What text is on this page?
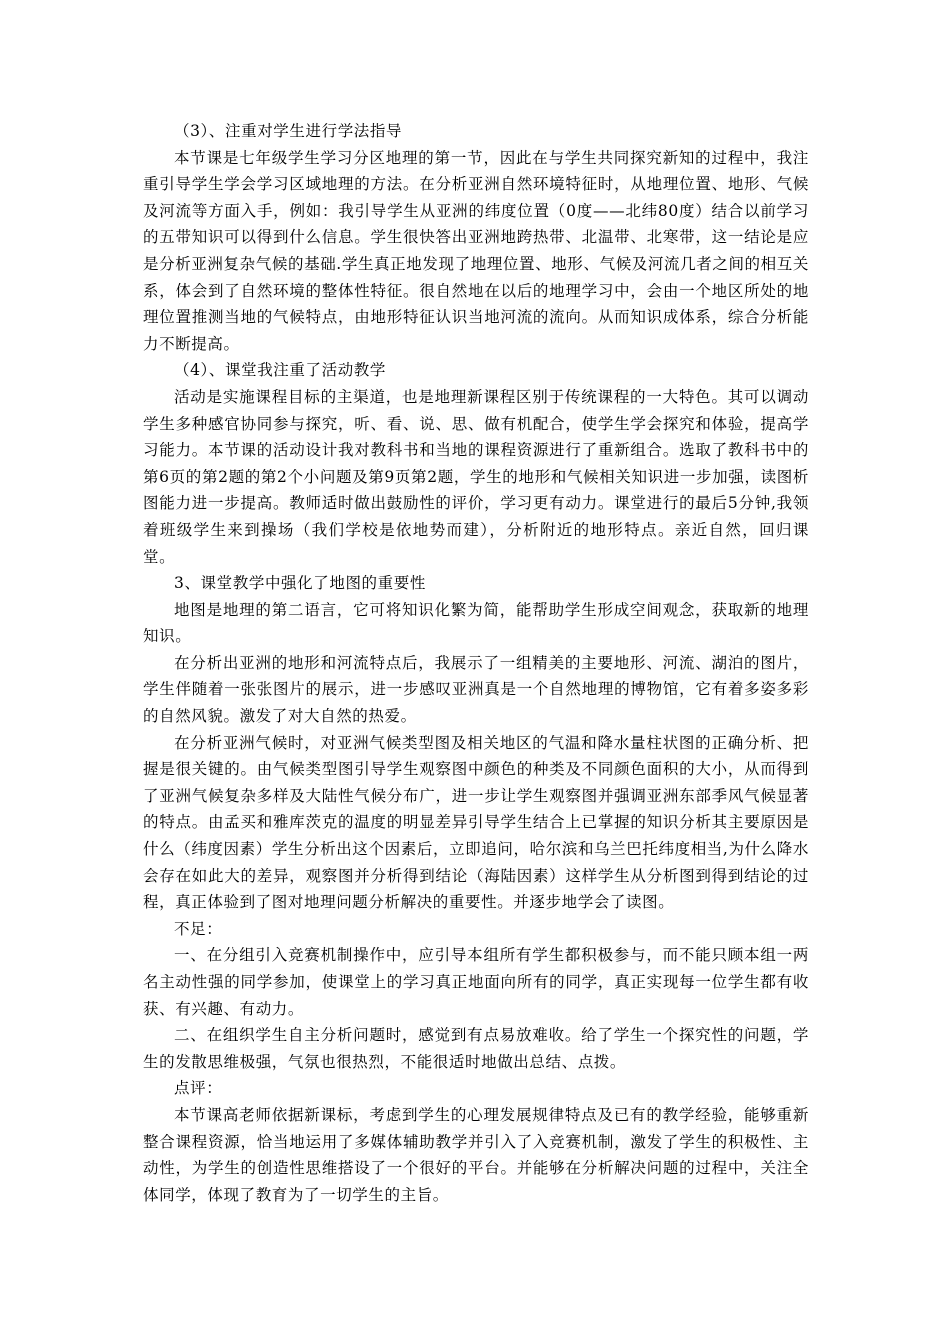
（3）、注重对学生进行学法指导

本节课是七年级学生学习分区地理的第一节，因此在与学生共同探究新知的过程中，我注重引导学生学会学习区域地理的方法。在分析亚洲自然环境特征时，从地理位置、地形、气候及河流等方面入手，例如：我引导学生从亚洲的纬度位置（0度——北纬80度）结合以前学习的五带知识可以得到什么信息。学生很快答出亚洲地跨热带、北温带、北寒带，这一结论是应是分析亚洲复杂气候的基础.学生真正地发现了地理位置、地形、气候及河流几者之间的相互关系，体会到了自然环境的整体性特征。很自然地在以后的地理学习中，会由一个地区所处的地理位置推测当地的气候特点，由地形特征认识当地河流的流向。从而知识成体系，综合分析能力不断提高。

（4）、课堂我注重了活动教学

活动是实施课程目标的主渠道，也是地理新课程区别于传统课程的一大特色。其可以调动学生多种感官协同参与探究，听、看、说、思、做有机配合，使学生学会探究和体验，提高学习能力。本节课的活动设计我对教科书和当地的课程资源进行了重新组合。选取了教科书中的第6页的第2题的第2个小问题及第9页第2题，学生的地形和气候相关知识进一步加强，读图析图能力进一步提高。教师适时做出鼓励性的评价，学习更有动力。课堂进行的最后5分钟,我领着班级学生来到操场（我们学校是依地势而建），分析附近的地形特点。亲近自然，回归课堂。

3、课堂教学中强化了地图的重要性

地图是地理的第二语言，它可将知识化繁为简，能帮助学生形成空间观念，获取新的地理知识。

在分析出亚洲的地形和河流特点后，我展示了一组精美的主要地形、河流、湖泊的图片，学生伴随着一张张图片的展示，进一步感叹亚洲真是一个自然地理的博物馆，它有着多姿多彩的自然风貌。激发了对大自然的热爱。

在分析亚洲气候时，对亚洲气候类型图及相关地区的气温和降水量柱状图的正确分析、把握是很关键的。由气候类型图引导学生观察图中颜色的种类及不同颜色面积的大小，从而得到了亚洲气候复杂多样及大陆性气候分布广，进一步让学生观察图并强调亚洲东部季风气候显著的特点。由孟买和雅库茨克的温度的明显差异引导学生结合上已掌握的知识分析其主要原因是什么（纬度因素）学生分析出这个因素后，立即追问，哈尔滨和乌兰巴托纬度相当,为什么降水会存在如此大的差异，观察图并分析得到结论（海陆因素）这样学生从分析图到得到结论的过程，真正体验到了图对地理问题分析解决的重要性。并逐步地学会了读图。

不足：

一、在分组引入竞赛机制操作中，应引导本组所有学生都积极参与，而不能只顾本组一两名主动性强的同学参加，使课堂上的学习真正地面向所有的同学，真正实现每一位学生都有收获、有兴趣、有动力。

二、在组织学生自主分析问题时，感觉到有点易放难收。给了学生一个探究性的问题，学生的发散思维极强，气氛也很热烈，不能很适时地做出总结、点拨。

点评：

本节课高老师依据新课标，考虑到学生的心理发展规律特点及已有的教学经验，能够重新整合课程资源，恰当地运用了多媒体辅助教学并引入了入竞赛机制，激发了学生的积极性、主动性，为学生的创造性思维搭设了一个很好的平台。并能够在分析解决问题的过程中，关注全体同学，体现了教育为了一切学生的主旨。
